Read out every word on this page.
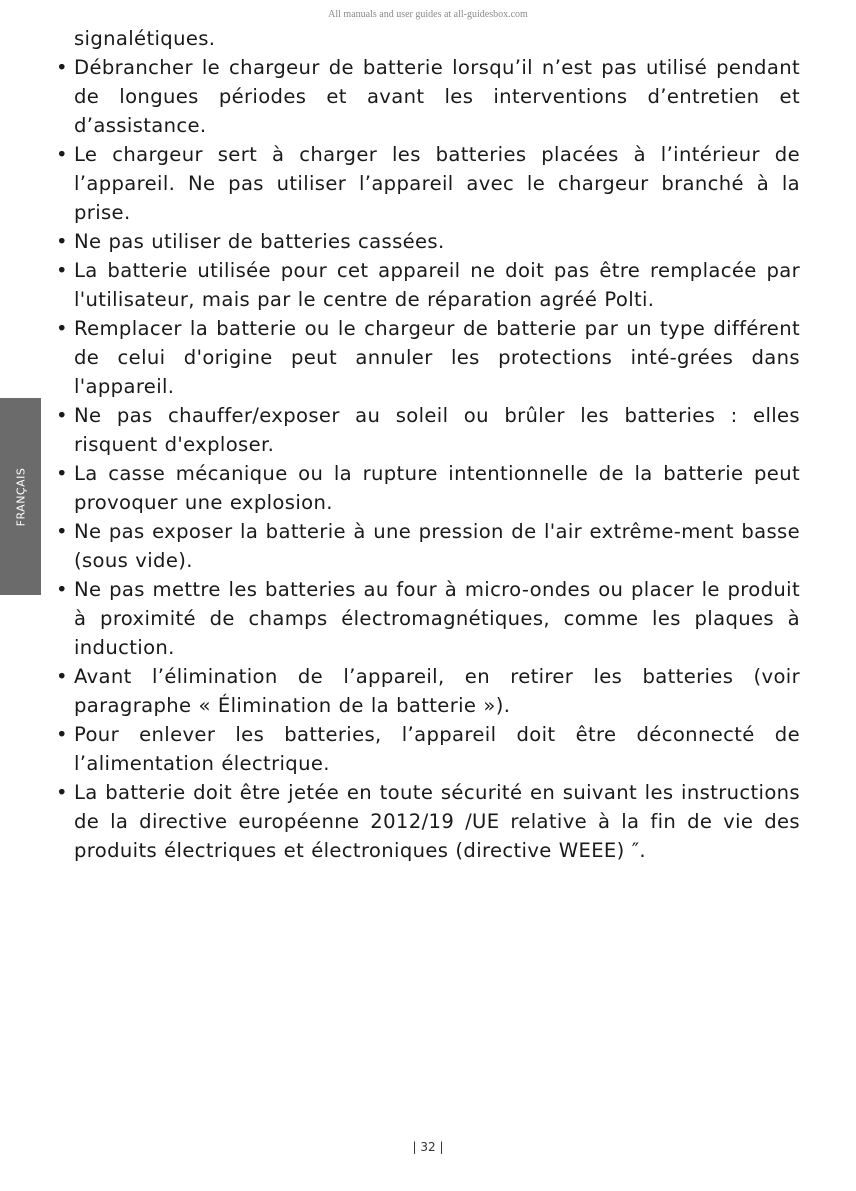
All manuals and user guides at all-guidesbox.com
FRANÇAIS

signalétiques.

• Débrancher le chargeur de batterie lorsqu’il n’est pas utilisé pendant de longues périodes et avant les interventions d’entretien et d’assistance.
• Le chargeur sert à charger les batteries placées à l’intérieur de l’appareil. Ne pas utiliser l’appareil avec le chargeur branché à la prise.
• Ne pas utiliser de batteries cassées.
• La batterie utilisée pour cet appareil ne doit pas être remplacée par l'utilisateur, mais par le centre de réparation agréé Polti.
• Remplacer la batterie ou le chargeur de batterie par un type différent de celui d'origine peut annuler les protections inté-grées dans l'appareil.
• Ne pas chauffer/exposer au soleil ou brûler les batteries : elles risquent d'exploser.
• La casse mécanique ou la rupture intentionnelle de la batterie peut provoquer une explosion.
• Ne pas exposer la batterie à une pression de l'air extrême-ment basse (sous vide).
• Ne pas mettre les batteries au four à micro-ondes ou placer le produit à proximité de champs électromagnétiques, comme les plaques à induction.
• Avant l’élimination de l’appareil, en retirer les batteries (voir paragraphe « Élimination de la batterie »).
• Pour enlever les batteries, l’appareil doit être déconnecté de l’alimentation électrique.
• La batterie doit être jetée en toute sécurité en suivant les instructions de la directive européenne 2012/19 /UE relative à la fin de vie des produits électriques et électroniques (directive WEEE) ″.
| 32 |
